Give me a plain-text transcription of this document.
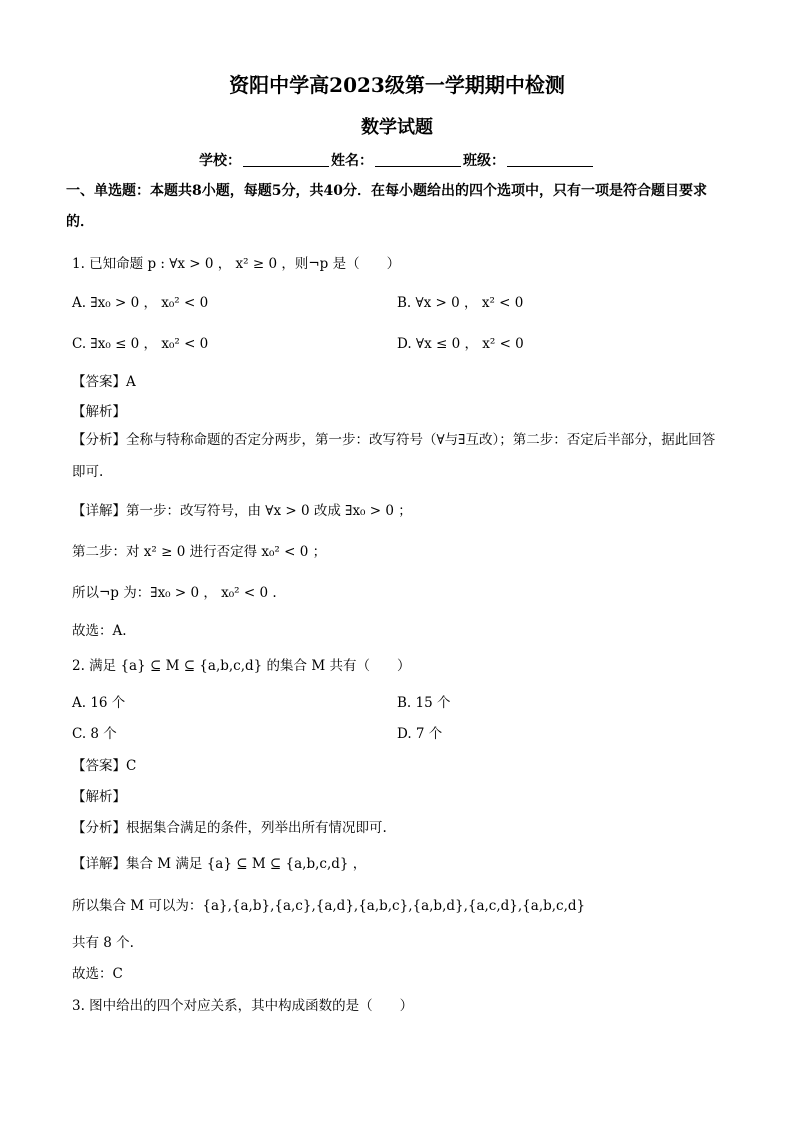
资阳中学高2023级第一学期期中检测
数学试题
学校：	姓名：	班级：
一、单选题：本题共8小题，每题5分，共40分．在每小题给出的四个选项中，只有一项是符合题目要求的．
1. 已知命题 p : ∀x > 0 ， x² ≥ 0 ，则¬p 是（　　）
A. ∃x₀ > 0 ， x₀² < 0	B. ∀x > 0 ， x² < 0
C. ∃x₀ ≤ 0 ， x₀² < 0	D. ∀x ≤ 0 ， x² < 0
【答案】A
【解析】
【分析】全称与特称命题的否定分两步，第一步：改写符号（∀与∃互改）；第二步：否定后半部分，据此回答即可.
【详解】第一步：改写符号，由 ∀x > 0 改成 ∃x₀ > 0 ；
第二步：对 x² ≥ 0 进行否定得 x₀² < 0 ；
所以¬p 为：∃x₀ > 0 ， x₀² < 0 .
故选：A.
2. 满足 {a} ⊆ M ⊆ {a,b,c,d} 的集合 M 共有（　　）
A. 16 个	B. 15 个
C. 8 个	D. 7 个
【答案】C
【解析】
【分析】根据集合满足的条件，列举出所有情况即可.
【详解】集合 M 满足 {a} ⊆ M ⊆ {a,b,c,d} ，
所以集合 M 可以为：{a},{a,b},{a,c},{a,d},{a,b,c},{a,b,d},{a,c,d},{a,b,c,d}
共有 8 个.
故选：C
3. 图中给出的四个对应关系，其中构成函数的是（　　）
